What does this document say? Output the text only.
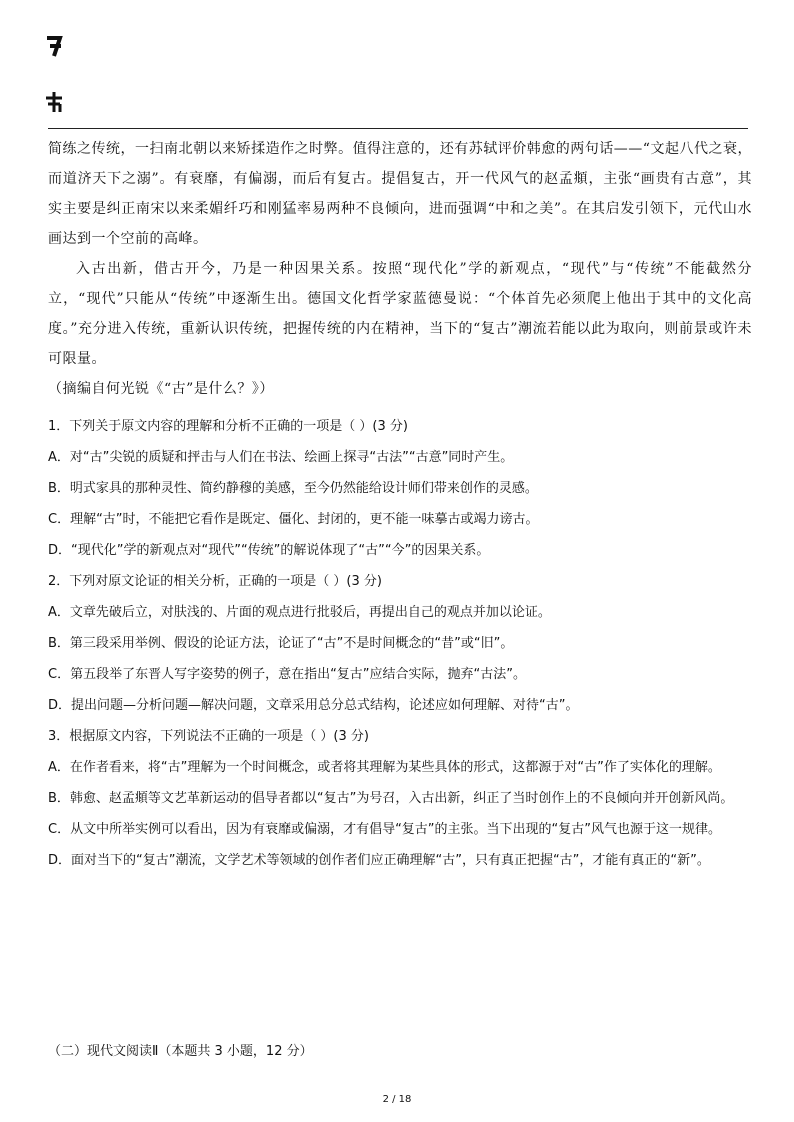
简练之传统，一扫南北朝以来矫揉造作之时弊。值得注意的，还有苏轼评价韩愈的两句话——“文起八代之衰，而道济天下之溺”。有衰靡，有偏溺，而后有复古。提倡复古，开一代风气的赵孟頫，主张“画贵有古意”，其实主要是纠正南宋以来柔媚纤巧和刚猛率易两种不良倾向，进而强调“中和之美”。在其启发引领下，元代山水画达到一个空前的高峰。

入古出新，借古开今，乃是一种因果关系。按照“现代化”学的新观点，“现代”与“传统”不能截然分立，“现代”只能从“传统”中逐渐生出。德国文化哲学家蓝德曼说：“个体首先必须爬上他出于其中的文化高度。”充分进入传统，重新认识传统，把握传统的内在精神，当下的“复古”潮流若能以此为取向，则前景或许未可限量。

（摘编自何光锐《“古”是什么？》）

1．下列关于原文内容的理解和分析不正确的一项是（ ）(3 分)

A．对“古”尖锐的质疑和抨击与人们在书法、绘画上探寻“古法”“古意”同时产生。

B．明式家具的那种灵性、简约静穆的美感，至今仍然能给设计师们带来创作的灵感。

C．理解“古”时，不能把它看作是既定、僵化、封闭的，更不能一味摹古或竭力谤古。

D．“现代化”学的新观点对“现代”“传统”的解说体现了“古”“今”的因果关系。

2．下列对原文论证的相关分析，正确的一项是（ ）(3 分)

A．文章先破后立，对肤浅的、片面的观点进行批驳后，再提出自己的观点并加以论证。

B．第三段采用举例、假设的论证方法，论证了“古”不是时间概念的“昔”或“旧”。

C．第五段举了东晋人写字姿势的例子，意在指出“复古”应结合实际，抛弃“古法”。

D．提出问题—分析问题—解决问题，文章采用总分总式结构，论述应如何理解、对待“古”。

3．根据原文内容，下列说法不正确的一项是（ ）(3 分)

A．在作者看来，将“古”理解为一个时间概念，或者将其理解为某些具体的形式，这都源于对“古”作了实体化的理解。

B．韩愈、赵孟頫等文艺革新运动的倡导者都以“复古”为号召，入古出新，纠正了当时创作上的不良倾向并开创新风尚。

C．从文中所举实例可以看出，因为有衰靡或偏溺，才有倡导“复古”的主张。当下出现的“复古”风气也源于这一规律。

D．面对当下的“复古”潮流，文学艺术等领域的创作者们应正确理解“古”，只有真正把握“古”，才能有真正的“新”。

（二）现代文阅读Ⅱ（本题共 3 小题，12 分）
2 / 18
